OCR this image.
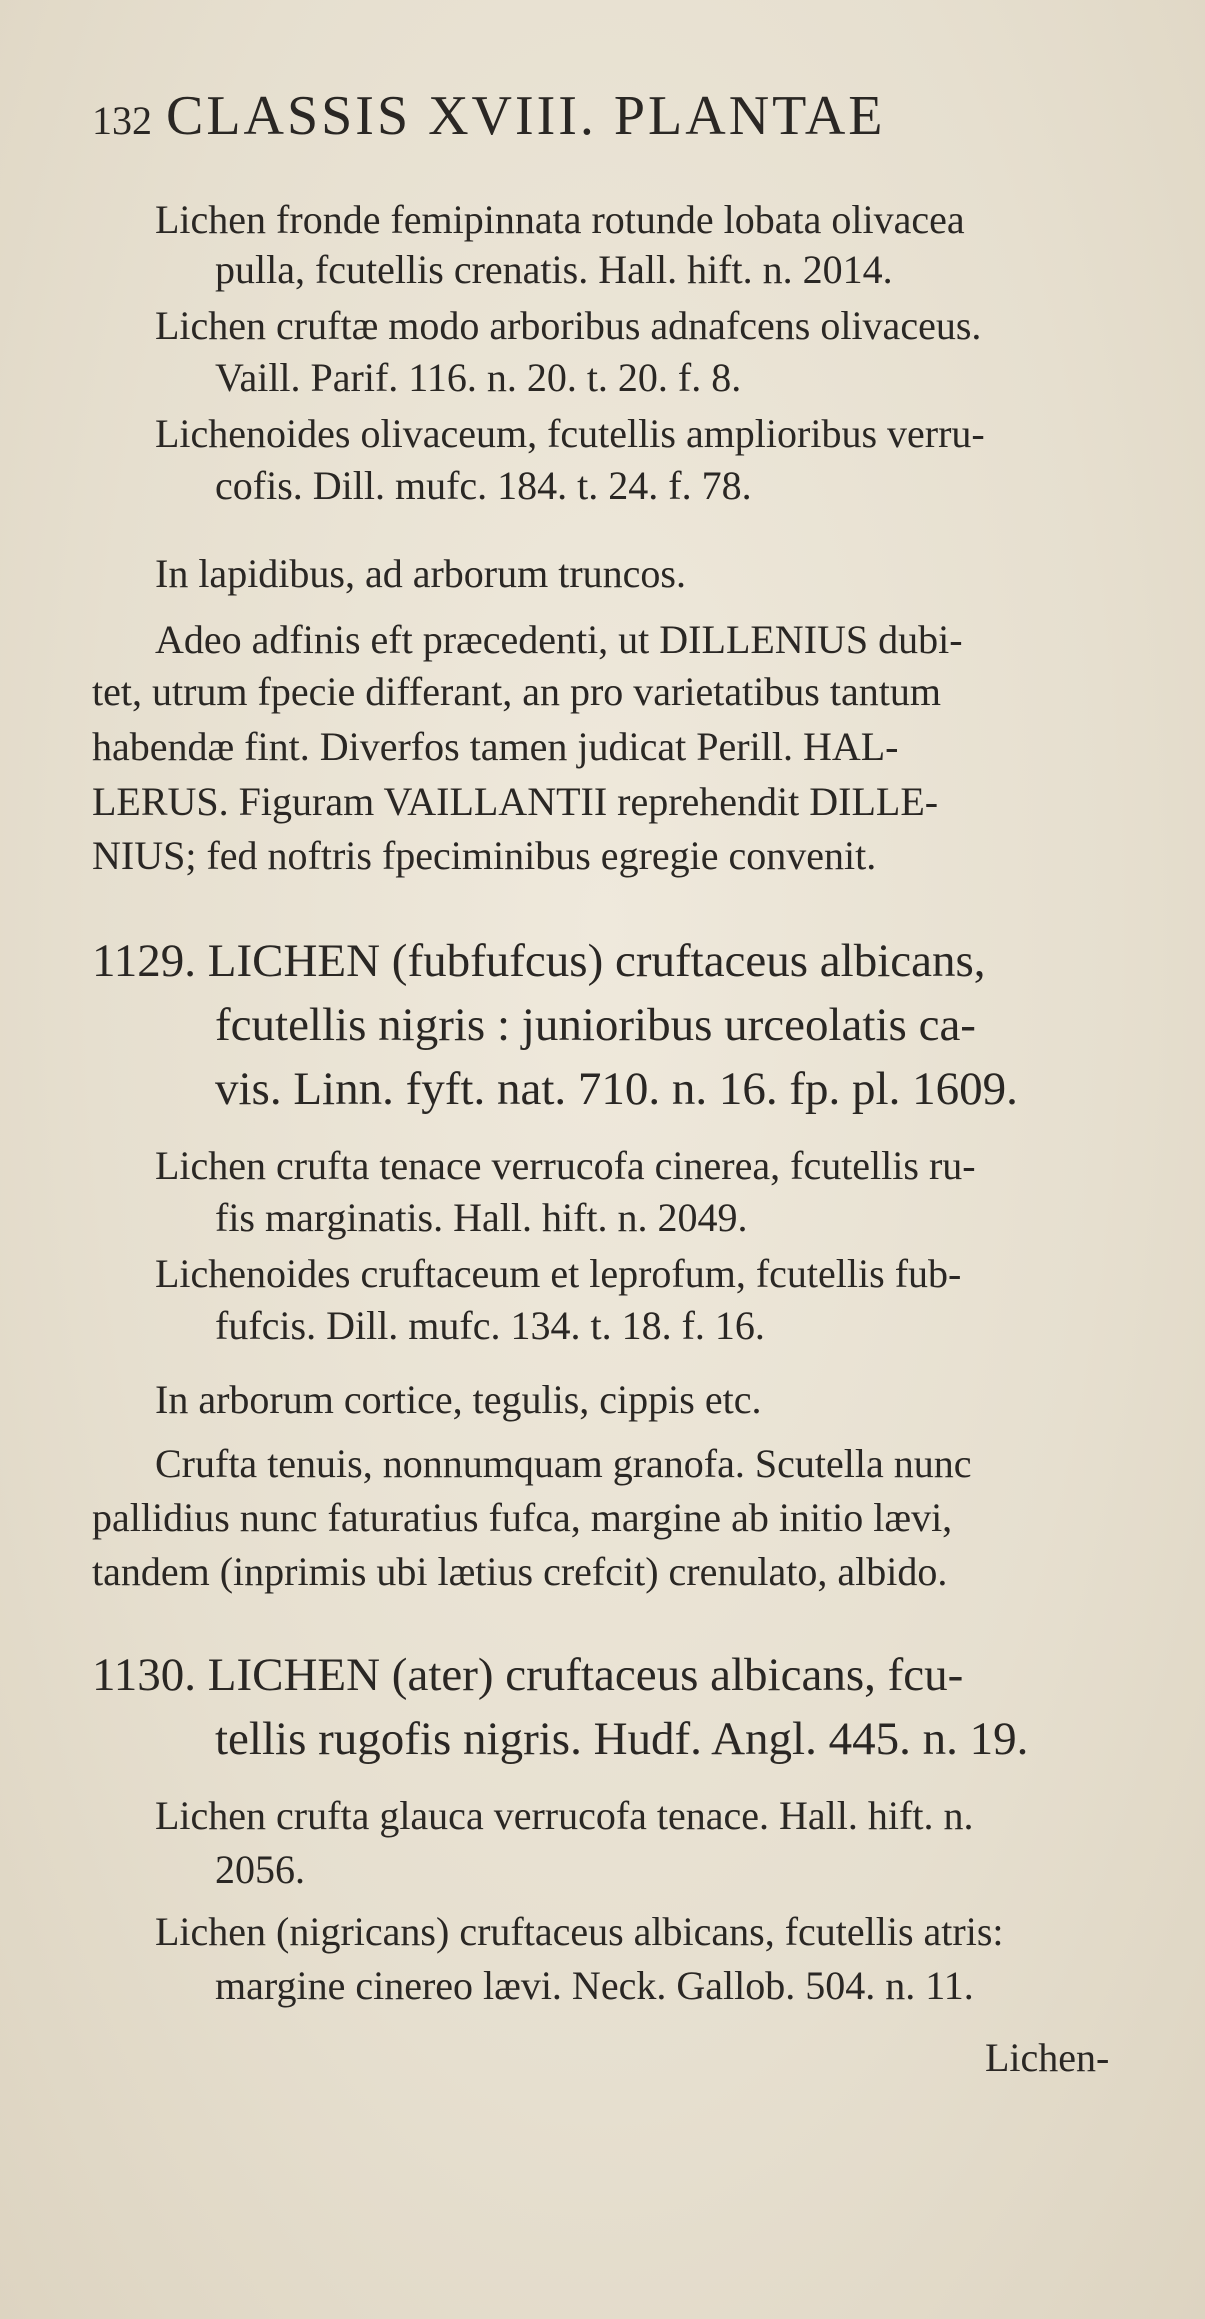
132 CLASSIS XVIII. PLANTAE
Lichen fronde femipinnata rotunde lobata olivacea
pulla, fcutellis crenatis. Hall. hift. n. 2014.
Lichen cruftæ modo arboribus adnafcens olivaceus.
Vaill. Parif. 116. n. 20. t. 20. f. 8.
Lichenoides olivaceum, fcutellis amplioribus verru-
cofis. Dill. mufc. 184. t. 24. f. 78.
In lapidibus, ad arborum truncos.
Adeo adfinis eft præcedenti, ut DILLENIUS dubi-
tet, utrum fpecie differant, an pro varietatibus tantum
habendæ fint. Diverfos tamen judicat Perill. HAL-
LERUS. Figuram VAILLANTII reprehendit DILLE-
NIUS; fed noftris fpeciminibus egregie convenit.
1129. LICHEN (fubfufcus) cruftaceus albicans,
fcutellis nigris : junioribus urceolatis ca-
vis. Linn. fyft. nat. 710. n. 16. fp. pl. 1609.
Lichen crufta tenace verrucofa cinerea, fcutellis ru-
fis marginatis. Hall. hift. n. 2049.
Lichenoides cruftaceum et leprofum, fcutellis fub-
fufcis. Dill. mufc. 134. t. 18. f. 16.
In arborum cortice, tegulis, cippis etc.
Crufta tenuis, nonnumquam granofa. Scutella nunc
pallidius nunc faturatius fufca, margine ab initio lævi,
tandem (inprimis ubi lætius crefcit) crenulato, albido.
1130. LICHEN (ater) cruftaceus albicans, fcu-
tellis rugofis nigris. Hudf. Angl. 445. n. 19.
Lichen crufta glauca verrucofa tenace. Hall. hift. n.
2056.
Lichen (nigricans) cruftaceus albicans, fcutellis atris:
margine cinereo lævi. Neck. Gallob. 504. n. 11.
Lichen-
